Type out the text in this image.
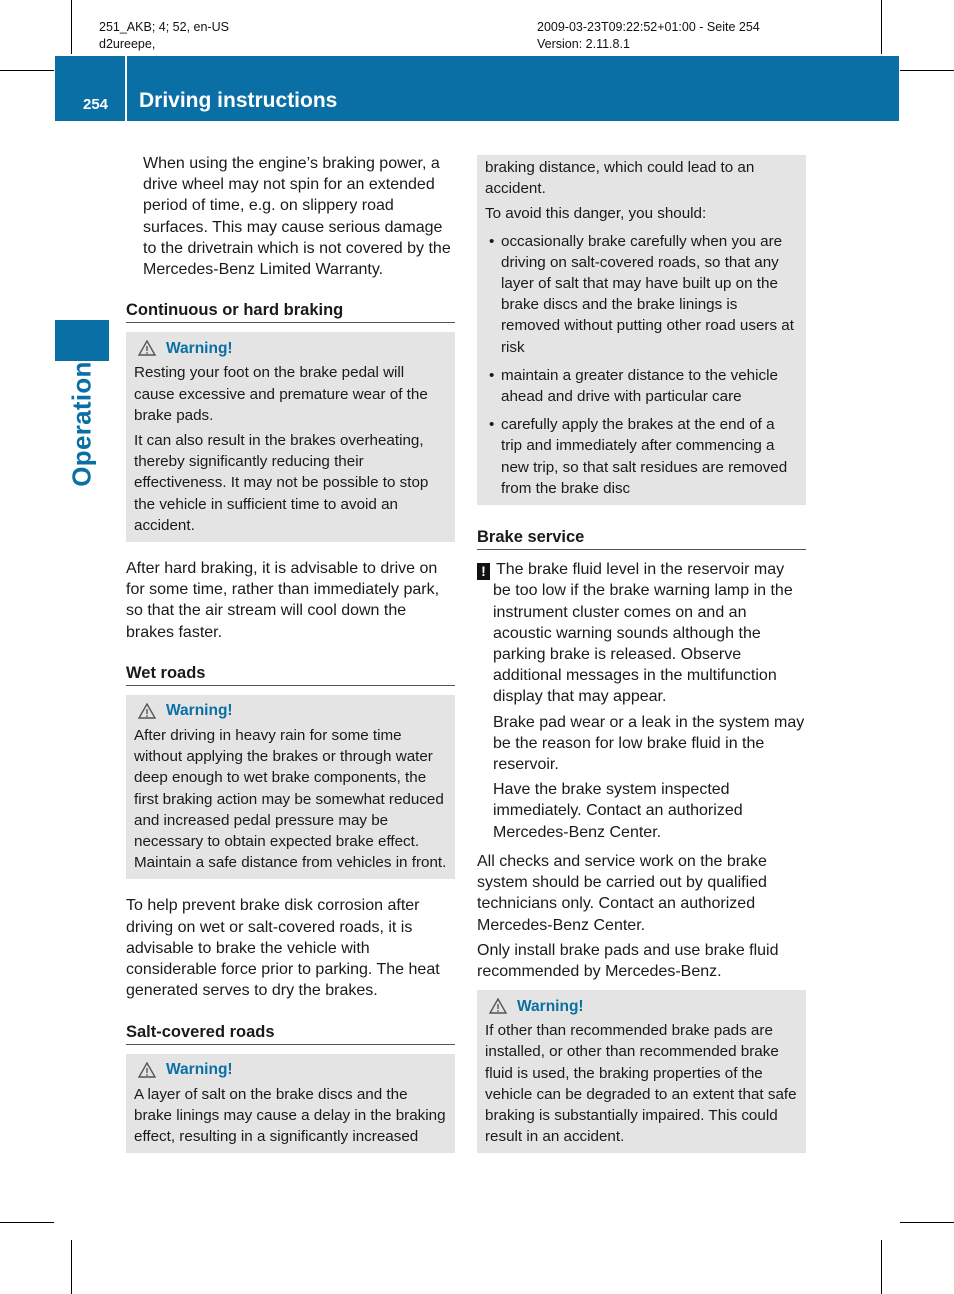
251_AKB; 4; 52, en-US
d2ureepe,
2009-03-23T09:22:52+01:00 - Seite 254
Version: 2.11.8.1
254 Driving instructions
Operation

When using the engine’s braking power, a drive wheel may not spin for an extended period of time, e.g. on slippery road surfaces. This may cause serious damage to the drivetrain which is not covered by the Mercedes-Benz Limited Warranty.

Continuous or hard braking
Warning!

Resting your foot on the brake pedal will cause excessive and premature wear of the brake pads.

It can also result in the brakes overheating, thereby significantly reducing their effectiveness. It may not be possible to stop the vehicle in sufficient time to avoid an accident.

After hard braking, it is advisable to drive on for some time, rather than immediately park, so that the air stream will cool down the brakes faster.

Wet roads
Warning!

After driving in heavy rain for some time without applying the brakes or through water deep enough to wet brake components, the first braking action may be somewhat reduced and increased pedal pressure may be necessary to obtain expected brake effect. Maintain a safe distance from vehicles in front.

To help prevent brake disk corrosion after driving on wet or salt-covered roads, it is advisable to brake the vehicle with considerable force prior to parking. The heat generated serves to dry the brakes.

Salt-covered roads
Warning!

A layer of salt on the brake discs and the brake linings may cause a delay in the braking effect, resulting in a significantly increased

braking distance, which could lead to an accident.

To avoid this danger, you should:

• occasionally brake carefully when you are driving on salt-covered roads, so that any layer of salt that may have built up on the brake discs and the brake linings is removed without putting other road users at risk
• maintain a greater distance to the vehicle ahead and drive with particular care
• carefully apply the brakes at the end of a trip and immediately after commencing a new trip, so that salt residues are removed from the brake disc
Brake service

! The brake fluid level in the reservoir may be too low if the brake warning lamp in the instrument cluster comes on and an acoustic warning sounds although the parking brake is released. Observe additional messages in the multifunction display that may appear.

Brake pad wear or a leak in the system may be the reason for low brake fluid in the reservoir.

Have the brake system inspected immediately. Contact an authorized Mercedes-Benz Center.

All checks and service work on the brake system should be carried out by qualified technicians only. Contact an authorized Mercedes-Benz Center.

Only install brake pads and use brake fluid recommended by Mercedes-Benz.

Warning!

If other than recommended brake pads are installed, or other than recommended brake fluid is used, the braking properties of the vehicle can be degraded to an extent that safe braking is substantially impaired. This could result in an accident.
